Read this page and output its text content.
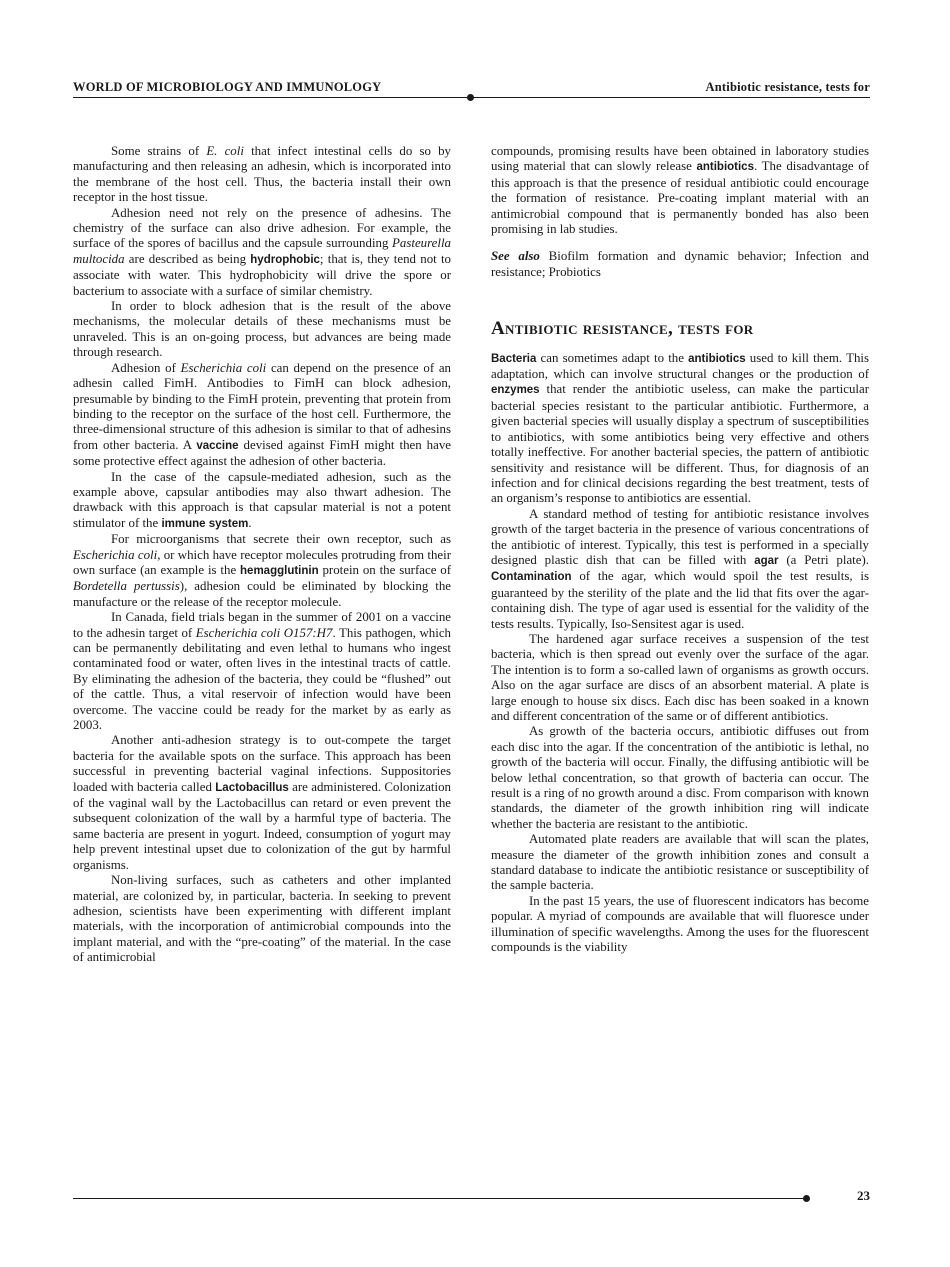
WORLD OF MICROBIOLOGY AND IMMUNOLOGY	Antibiotic resistance, tests for

Some strains of E. coli that infect intestinal cells do so by manufacturing and then releasing an adhesin, which is incorporated into the membrane of the host cell. Thus, the bacteria install their own receptor in the host tissue.

Adhesion need not rely on the presence of adhesins. The chemistry of the surface can also drive adhesion. For example, the surface of the spores of bacillus and the capsule surrounding Pasteurella multocida are described as being hydrophobic; that is, they tend not to associate with water. This hydrophobicity will drive the spore or bacterium to associate with a surface of similar chemistry.

In order to block adhesion that is the result of the above mechanisms, the molecular details of these mechanisms must be unraveled. This is an on-going process, but advances are being made through research.

Adhesion of Escherichia coli can depend on the presence of an adhesin called FimH. Antibodies to FimH can block adhesion, presumable by binding to the FimH protein, preventing that protein from binding to the receptor on the surface of the host cell. Furthermore, the three-dimensional structure of this adhesion is similar to that of adhesins from other bacteria. A vaccine devised against FimH might then have some protective effect against the adhesion of other bacteria.

In the case of the capsule-mediated adhesion, such as the example above, capsular antibodies may also thwart adhesion. The drawback with this approach is that capsular material is not a potent stimulator of the immune system.

For microorganisms that secrete their own receptor, such as Escherichia coli, or which have receptor molecules protruding from their own surface (an example is the hemagglutinin protein on the surface of Bordetella pertussis), adhesion could be eliminated by blocking the manufacture or the release of the receptor molecule.

In Canada, field trials began in the summer of 2001 on a vaccine to the adhesin target of Escherichia coli O157:H7. This pathogen, which can be permanently debilitating and even lethal to humans who ingest contaminated food or water, often lives in the intestinal tracts of cattle. By eliminating the adhesion of the bacteria, they could be “flushed” out of the cattle. Thus, a vital reservoir of infection would have been overcome. The vaccine could be ready for the market by as early as 2003.

Another anti-adhesion strategy is to out-compete the target bacteria for the available spots on the surface. This approach has been successful in preventing bacterial vaginal infections. Suppositories loaded with bacteria called Lactobacillus are administered. Colonization of the vaginal wall by the Lactobacillus can retard or even prevent the subsequent colonization of the wall by a harmful type of bacteria. The same bacteria are present in yogurt. Indeed, consumption of yogurt may help prevent intestinal upset due to colonization of the gut by harmful organisms.

Non-living surfaces, such as catheters and other implanted material, are colonized by, in particular, bacteria. In seeking to prevent adhesion, scientists have been experimenting with different implant materials, with the incorporation of antimicrobial compounds into the implant material, and with the “pre-coating” of the material. In the case of antimicrobial

compounds, promising results have been obtained in laboratory studies using material that can slowly release antibiotics. The disadvantage of this approach is that the presence of residual antibiotic could encourage the formation of resistance. Pre-coating implant material with an antimicrobial compound that is permanently bonded has also been promising in lab studies.

See also Biofilm formation and dynamic behavior; Infection and resistance; Probiotics

Antibiotic resistance, tests for

Bacteria can sometimes adapt to the antibiotics used to kill them. This adaptation, which can involve structural changes or the production of enzymes that render the antibiotic useless, can make the particular bacterial species resistant to the particular antibiotic. Furthermore, a given bacterial species will usually display a spectrum of susceptibilities to antibiotics, with some antibiotics being very effective and others totally ineffective. For another bacterial species, the pattern of antibiotic sensitivity and resistance will be different. Thus, for diagnosis of an infection and for clinical decisions regarding the best treatment, tests of an organism’s response to antibiotics are essential.

A standard method of testing for antibiotic resistance involves growth of the target bacteria in the presence of various concentrations of the antibiotic of interest. Typically, this test is performed in a specially designed plastic dish that can be filled with agar (a Petri plate). Contamination of the agar, which would spoil the test results, is guaranteed by the sterility of the plate and the lid that fits over the agar-containing dish. The type of agar used is essential for the validity of the tests results. Typically, Iso-Sensitest agar is used.

The hardened agar surface receives a suspension of the test bacteria, which is then spread out evenly over the surface of the agar. The intention is to form a so-called lawn of organisms as growth occurs. Also on the agar surface are discs of an absorbent material. A plate is large enough to house six discs. Each disc has been soaked in a known and different concentration of the same or of different antibiotics.

As growth of the bacteria occurs, antibiotic diffuses out from each disc into the agar. If the concentration of the antibiotic is lethal, no growth of the bacteria will occur. Finally, the diffusing antibiotic will be below lethal concentration, so that growth of bacteria can occur. The result is a ring of no growth around a disc. From comparison with known standards, the diameter of the growth inhibition ring will indicate whether the bacteria are resistant to the antibiotic.

Automated plate readers are available that will scan the plates, measure the diameter of the growth inhibition zones and consult a standard database to indicate the antibiotic resistance or susceptibility of the sample bacteria.

In the past 15 years, the use of fluorescent indicators has become popular. A myriad of compounds are available that will fluoresce under illumination of specific wavelengths. Among the uses for the fluorescent compounds is the viability

23
